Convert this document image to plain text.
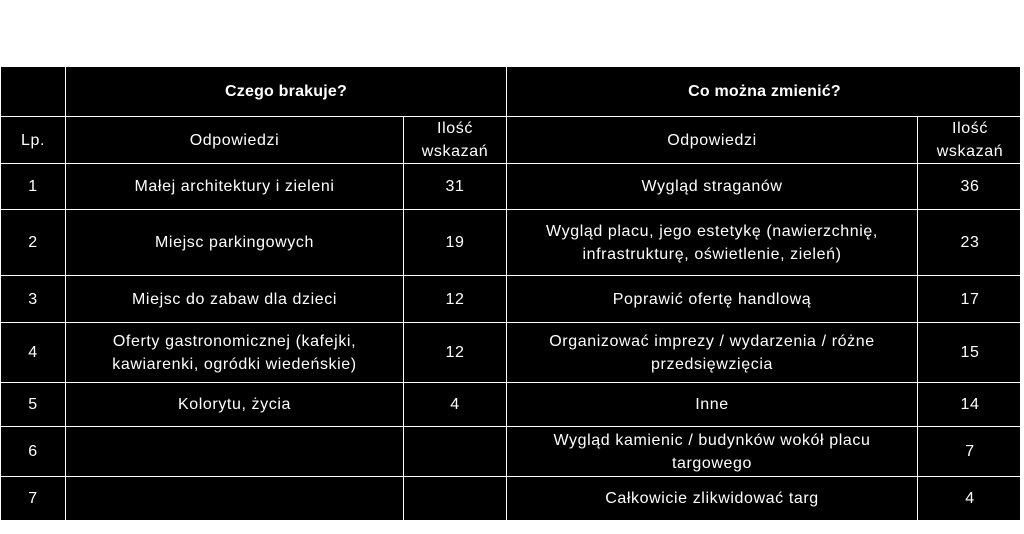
	Czego brakuje?		Co można zmienić?	
Lp.	Odpowiedzi	Ilość wskazań	Odpowiedzi	Ilość wskazań
1	Małej architektury i zieleni	31	Wygląd straganów	36
2	Miejsc parkingowych	19	Wygląd placu, jego estetykę (nawierzchnię, infrastrukturę, oświetlenie, zieleń)	23
3	Miejsc do zabaw dla dzieci	12	Poprawić ofertę handlową	17
4	Oferty gastronomicznej (kafejki, kawiarenki, ogródki wiedeńskie)	12	Organizować imprezy / wydarzenia / różne przedsięwzięcia	15
5	Kolorytu, życia	4	Inne	14
6			Wygląd kamienic / budynków wokół placu targowego	7
7			Całkowicie zlikwidować targ	4
